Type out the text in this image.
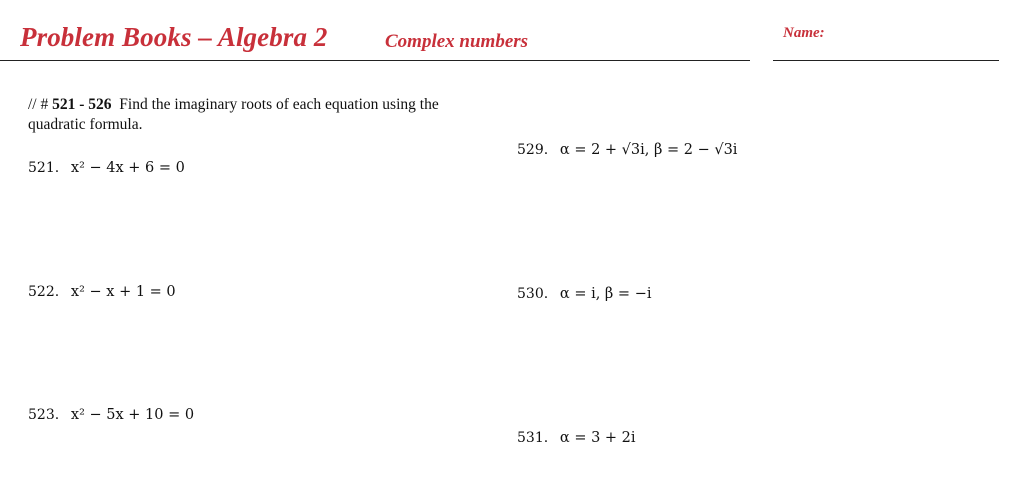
Problem Books – Algebra 2	Complex numbers	Name:
// # 521 - 526 Find the imaginary roots of each equation using the quadratic formula.
521. x² − 4x + 6 = 0
522. x² − x + 1 = 0
523. x² − 5x + 10 = 0
529. α = 2 + √3i, β = 2 − √3i
530. α = i, β = −i
531. α = 3 + 2i
